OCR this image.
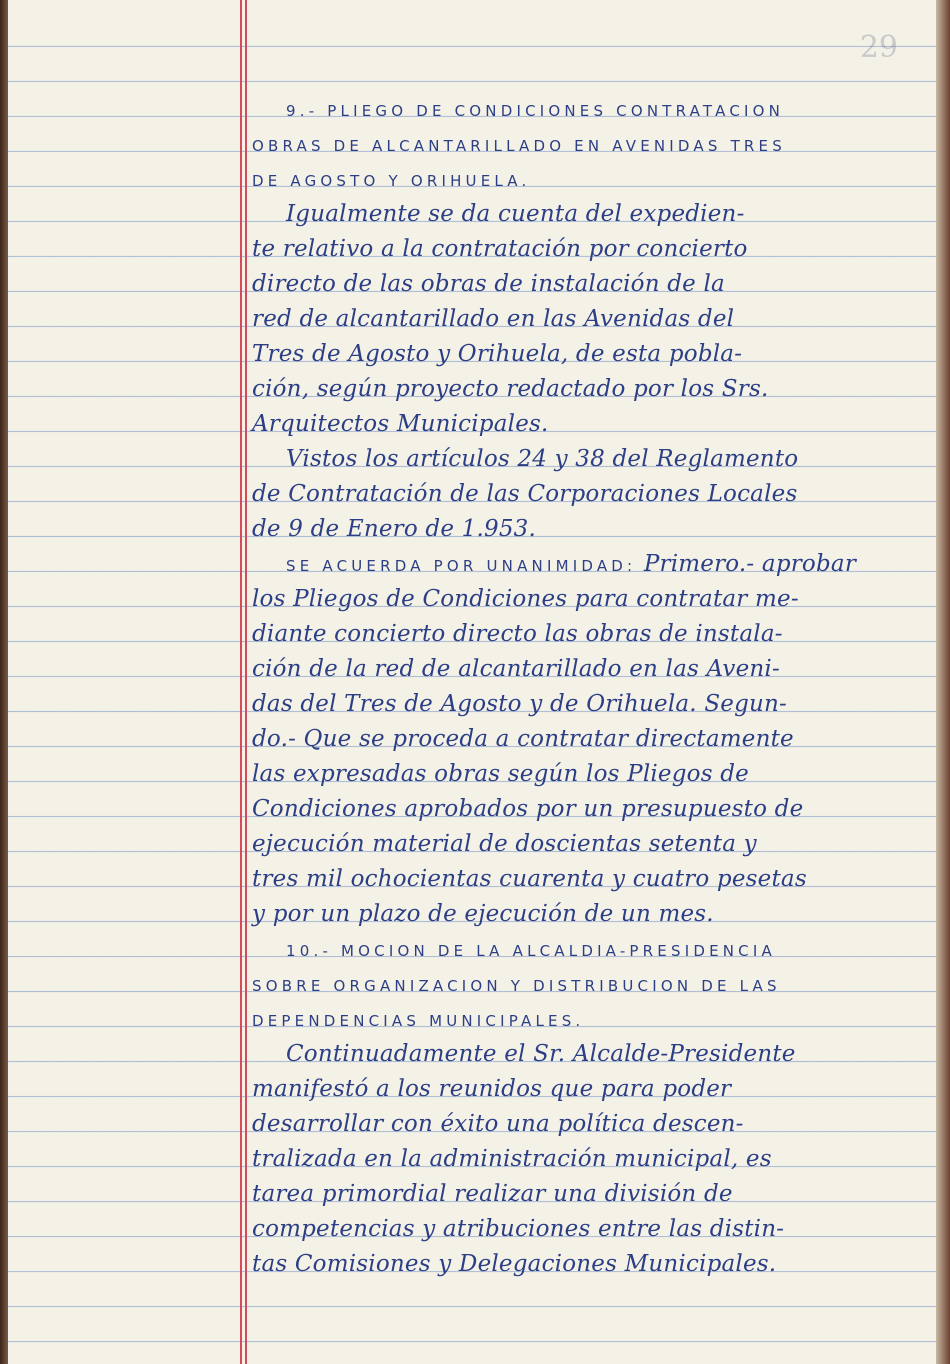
29
9.- PLIEGO DE CONDICIONES CONTRATACION
OBRAS DE ALCANTARILLADO EN AVENIDAS TRES
DE AGOSTO Y ORIHUELA.
Igualmente se da cuenta del expedien-
te relativo a la contratación por concierto
directo de las obras de instalación de la
red de alcantarillado en las Avenidas del
Tres de Agosto y Orihuela, de esta pobla-
ción, según proyecto redactado por los Srs.
Arquitectos Municipales.
Vistos los artículos 24 y 38 del Reglamento
de Contratación de las Corporaciones Locales
de 9 de Enero de 1.953.
SE ACUERDA POR UNANIMIDAD: Primero.- aprobar
los Pliegos de Condiciones para contratar me-
diante concierto directo las obras de instala-
ción de la red de alcantarillado en las Aveni-
das del Tres de Agosto y de Orihuela. Segun-
do.- Que se proceda a contratar directamente
las expresadas obras según los Pliegos de
Condiciones aprobados por un presupuesto de
ejecución material de doscientas setenta y
tres mil ochocientas cuarenta y cuatro pesetas
y por un plazo de ejecución de un mes.
10.- MOCION DE LA ALCALDIA-PRESIDENCIA
SOBRE ORGANIZACION Y DISTRIBUCION DE LAS
DEPENDENCIAS MUNICIPALES.
Continuadamente el Sr. Alcalde-Presidente
manifestó a los reunidos que para poder
desarrollar con éxito una política descen-
tralizada en la administración municipal, es
tarea primordial realizar una división de
competencias y atribuciones entre las distin-
tas Comisiones y Delegaciones Municipales.
